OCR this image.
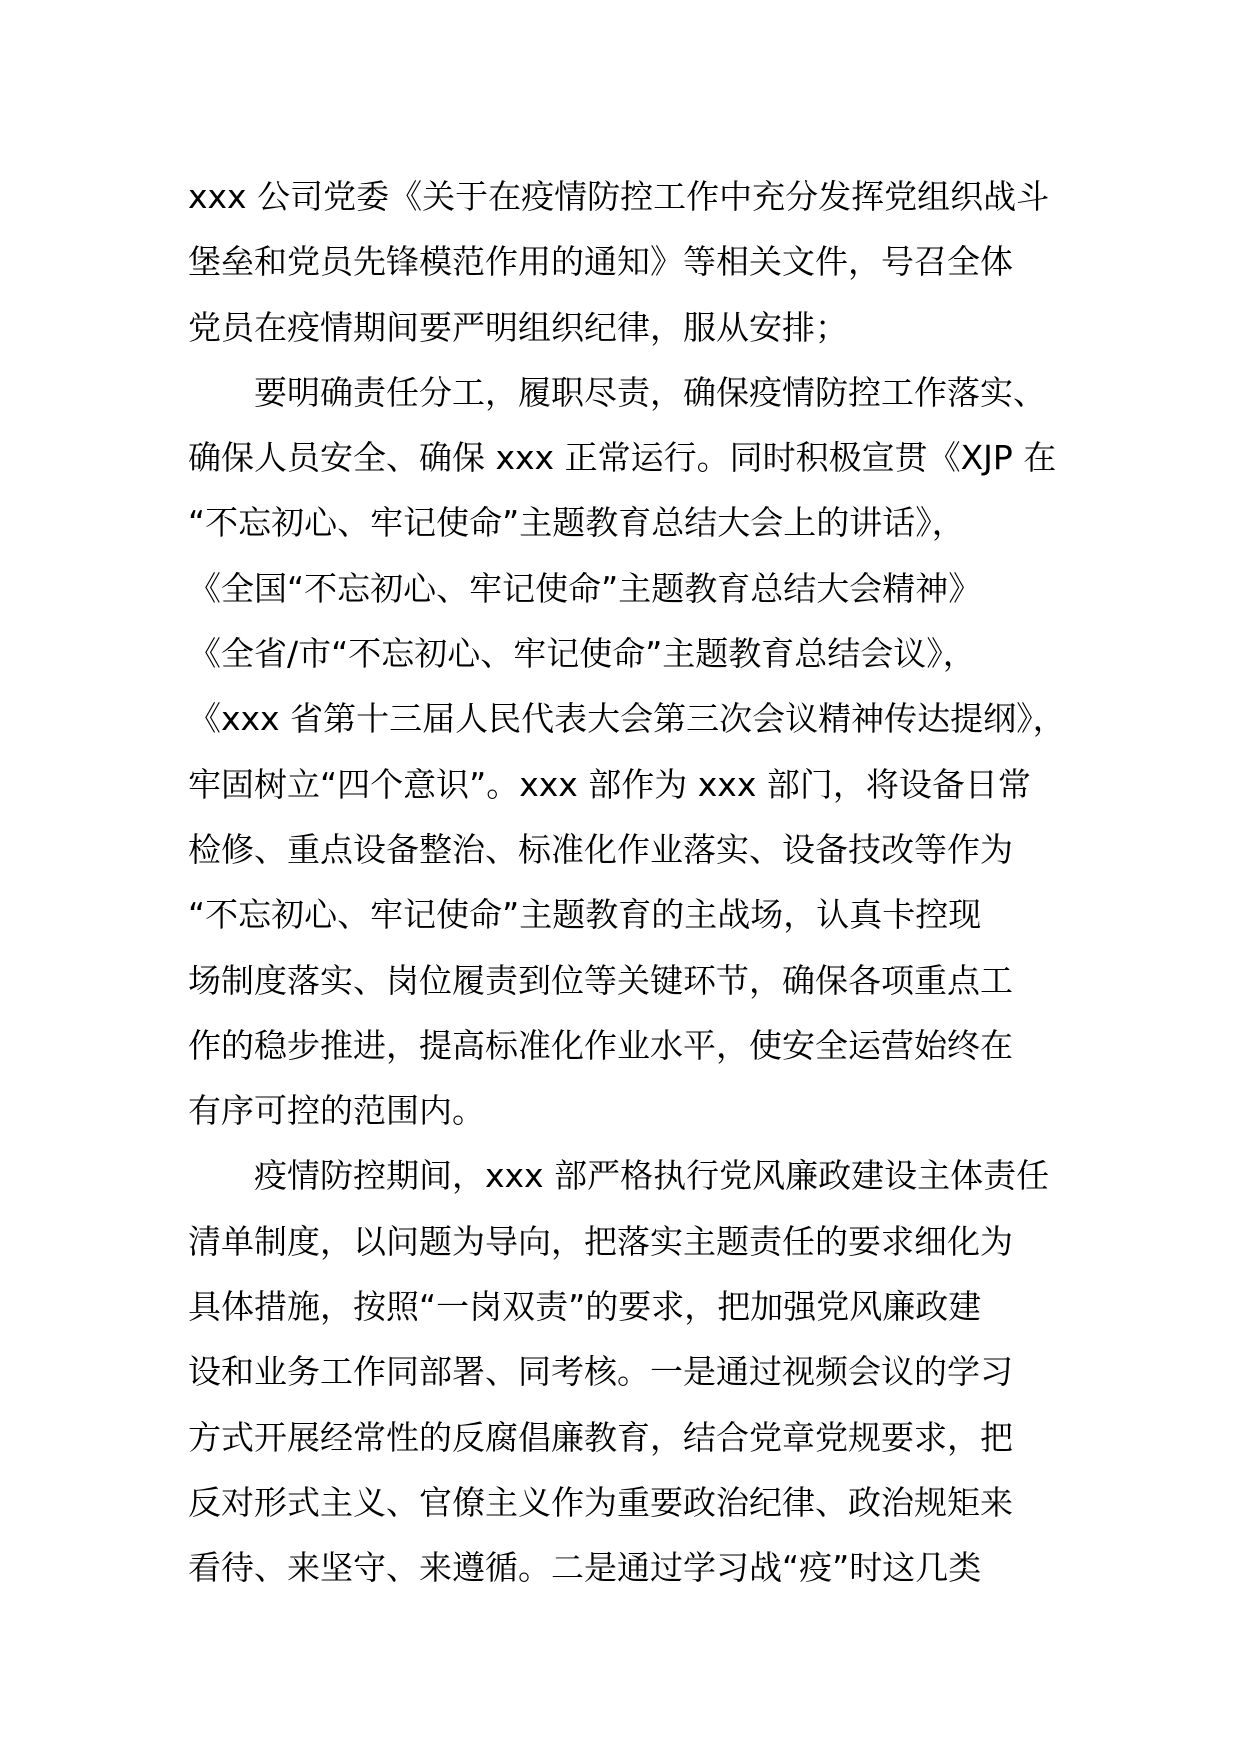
xxx 公司党委《关于在疫情防控工作中充分发挥党组织战斗
堡垒和党员先锋模范作用的通知》等相关文件，号召全体
党员在疫情期间要严明组织纪律，服从安排；
要明确责任分工，履职尽责，确保疫情防控工作落实、
确保人员安全、确保 xxx 正常运行。同时积极宣贯《XJP 在
“不忘初心、牢记使命”主题教育总结大会上的讲话》，
《全国“不忘初心、牢记使命”主题教育总结大会精神》
《全省/市“不忘初心、牢记使命”主题教育总结会议》，
《xxx 省第十三届人民代表大会第三次会议精神传达提纲》，
牢固树立“四个意识”。xxx 部作为 xxx 部门，将设备日常
检修、重点设备整治、标准化作业落实、设备技改等作为
“不忘初心、牢记使命”主题教育的主战场，认真卡控现
场制度落实、岗位履责到位等关键环节，确保各项重点工
作的稳步推进，提高标准化作业水平，使安全运营始终在
有序可控的范围内。
疫情防控期间，xxx 部严格执行党风廉政建设主体责任
清单制度，以问题为导向，把落实主题责任的要求细化为
具体措施，按照“一岗双责”的要求，把加强党风廉政建
设和业务工作同部署、同考核。一是通过视频会议的学习
方式开展经常性的反腐倡廉教育，结合党章党规要求，把
反对形式主义、官僚主义作为重要政治纪律、政治规矩来
看待、来坚守、来遵循。二是通过学习战“疫”时这几类
